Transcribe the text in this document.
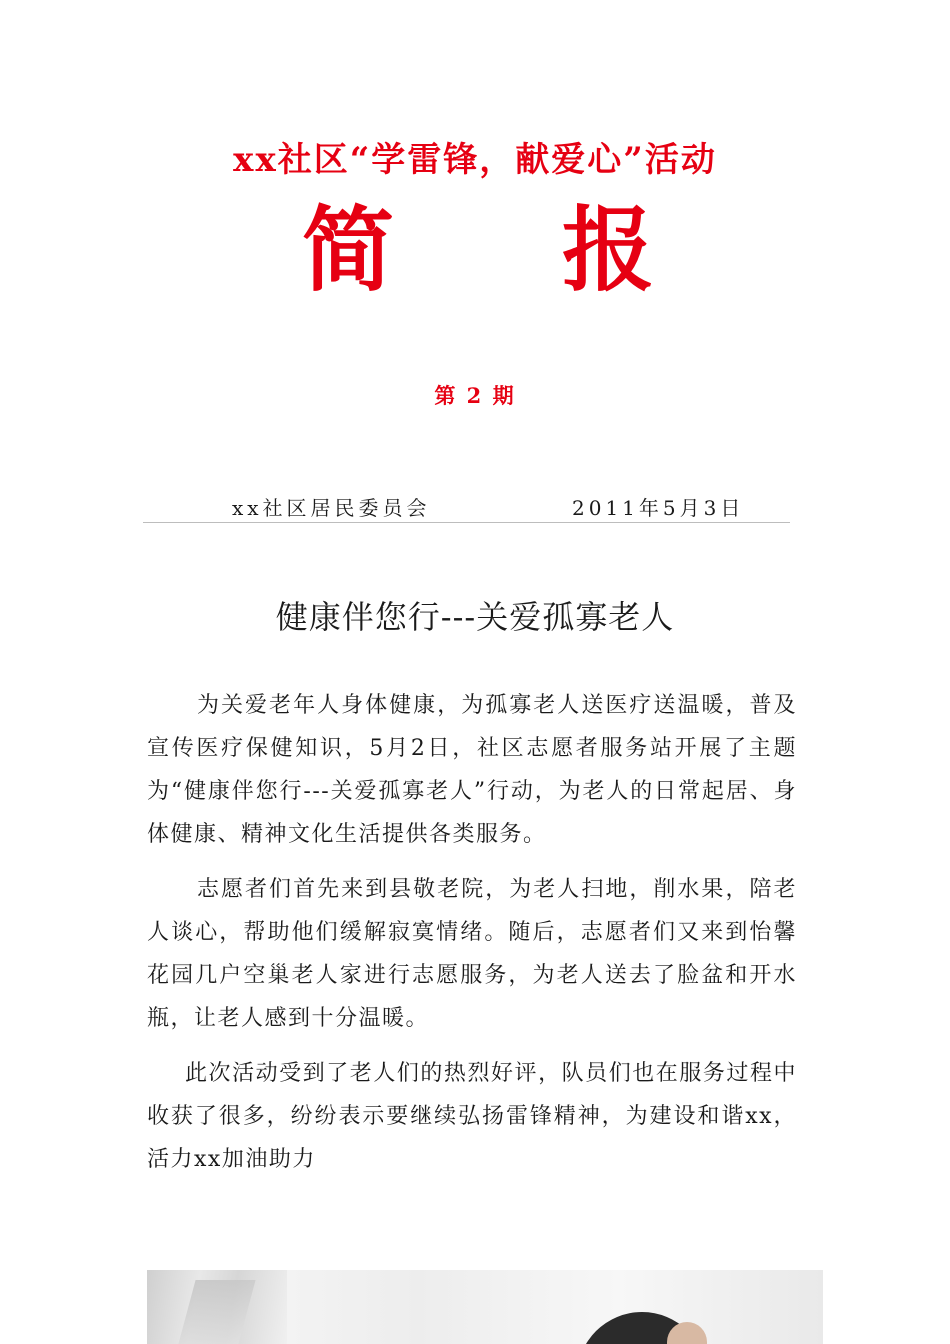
xx社区“学雷锋，献爱心”活动
简 报
第 2 期
xx社区居民委员会	2011年5月3日
健康伴您行---关爱孤寡老人
为关爱老年人身体健康，为孤寡老人送医疗送温暖，普及宣传医疗保健知识，5月2日，社区志愿者服务站开展了主题为“健康伴您行---关爱孤寡老人”行动，为老人的日常起居、身体健康、精神文化生活提供各类服务。
志愿者们首先来到县敬老院，为老人扫地，削水果，陪老人谈心，帮助他们缓解寂寞情绪。随后，志愿者们又来到怡馨花园几户空巢老人家进行志愿服务，为老人送去了脸盆和开水瓶，让老人感到十分温暖。
此次活动受到了老人们的热烈好评，队员们也在服务过程中收获了很多，纷纷表示要继续弘扬雷锋精神，为建设和谐xx，活力xx加油助力
